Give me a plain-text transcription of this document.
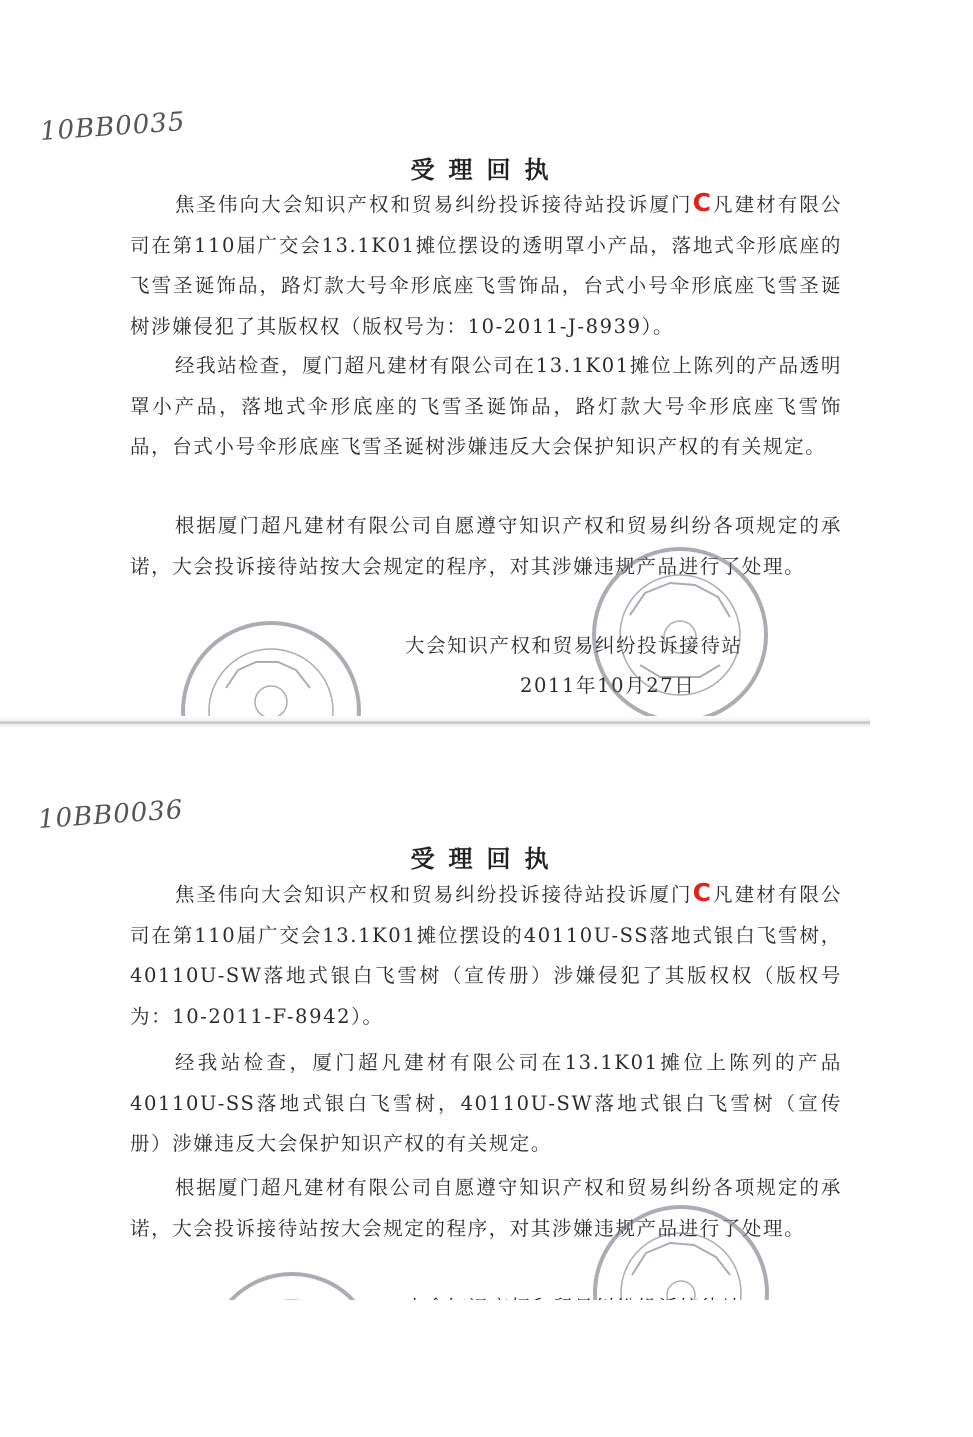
10BB0035
受理回执

焦圣伟向大会知识产权和贸易纠纷投诉接待站投诉厦门C凡建材有限公司在第110届广交会13.1K01摊位摆设的透明罩小产品，落地式伞形底座的飞雪圣诞饰品，路灯款大号伞形底座飞雪饰品，台式小号伞形底座飞雪圣诞树涉嫌侵犯了其版权权（版权号为：10-2011-J-8939）。

经我站检查，厦门超凡建材有限公司在13.1K01摊位上陈列的产品透明罩小产品，落地式伞形底座的飞雪圣诞饰品，路灯款大号伞形底座飞雪饰品，台式小号伞形底座飞雪圣诞树涉嫌违反大会保护知识产权的有关规定。

根据厦门超凡建材有限公司自愿遵守知识产权和贸易纠纷各项规定的承诺，大会投诉接待站按大会规定的程序，对其涉嫌违规产品进行了处理。

大会知识产权和贸易纠纷投诉接待站
2011年10月27日
10BB0036
受理回执

焦圣伟向大会知识产权和贸易纠纷投诉接待站投诉厦门C凡建材有限公司在第110届广交会13.1K01摊位摆设的40110U-SS落地式银白飞雪树，40110U-SW落地式银白飞雪树（宣传册）涉嫌侵犯了其版权权（版权号为：10-2011-F-8942）。

经我站检查，厦门超凡建材有限公司在13.1K01摊位上陈列的产品40110U-SS落地式银白飞雪树，40110U-SW落地式银白飞雪树（宣传册）涉嫌违反大会保护知识产权的有关规定。

根据厦门超凡建材有限公司自愿遵守知识产权和贸易纠纷各项规定的承诺，大会投诉接待站按大会规定的程序，对其涉嫌违规产品进行了处理。
